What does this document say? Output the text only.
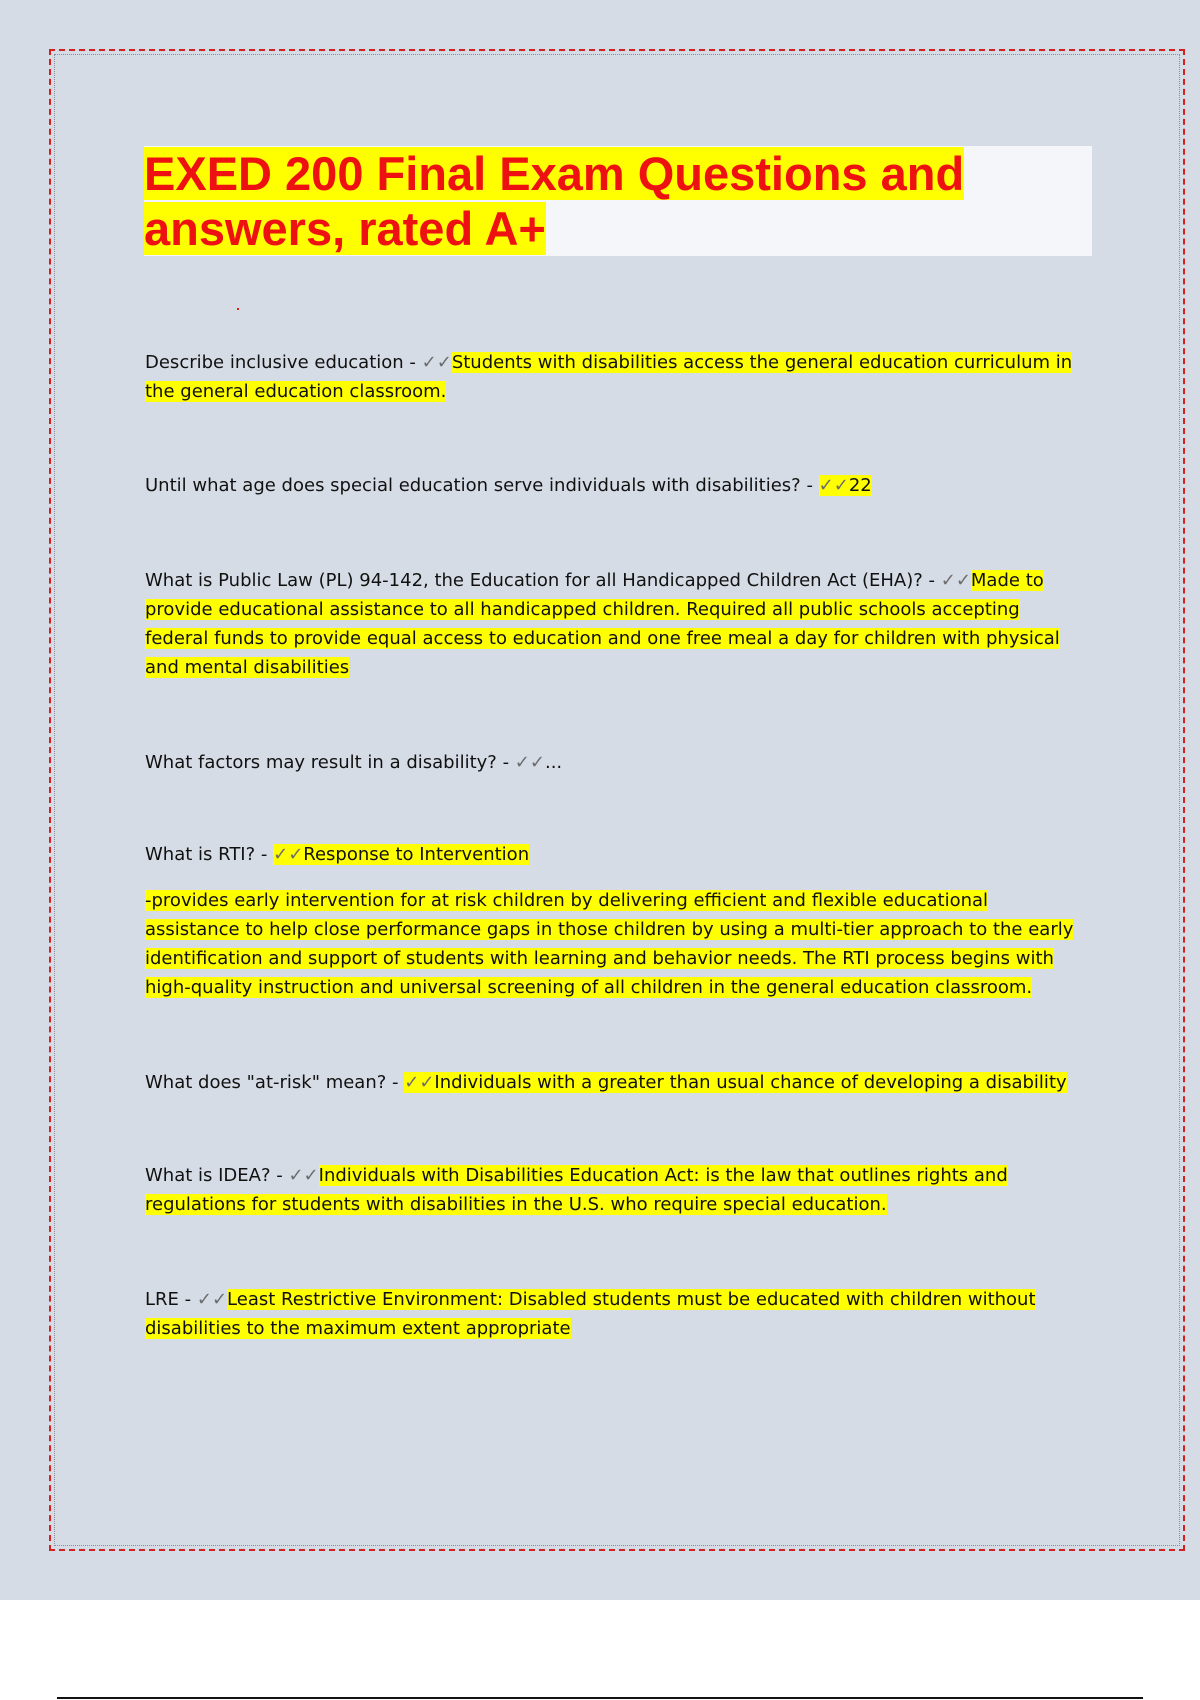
EXED 200 Final Exam Questions and answers, rated A+

Describe inclusive education - ✓✓Students with disabilities access the general education curriculum in the general education classroom.

Until what age does special education serve individuals with disabilities? - ✓✓22

What is Public Law (PL) 94-142, the Education for all Handicapped Children Act (EHA)? - ✓✓Made to provide educational assistance to all handicapped children. Required all public schools accepting federal funds to provide equal access to education and one free meal a day for children with physical and mental disabilities

What factors may result in a disability? - ✓✓...

What is RTI? - ✓✓Response to Intervention

-provides early intervention for at risk children by delivering efficient and flexible educational assistance to help close performance gaps in those children by using a multi-tier approach to the early identification and support of students with learning and behavior needs. The RTI process begins with high-quality instruction and universal screening of all children in the general education classroom.

What does "at-risk" mean? - ✓✓Individuals with a greater than usual chance of developing a disability

What is IDEA? - ✓✓Individuals with Disabilities Education Act: is the law that outlines rights and regulations for students with disabilities in the U.S. who require special education.

LRE - ✓✓Least Restrictive Environment: Disabled students must be educated with children without disabilities to the maximum extent appropriate
